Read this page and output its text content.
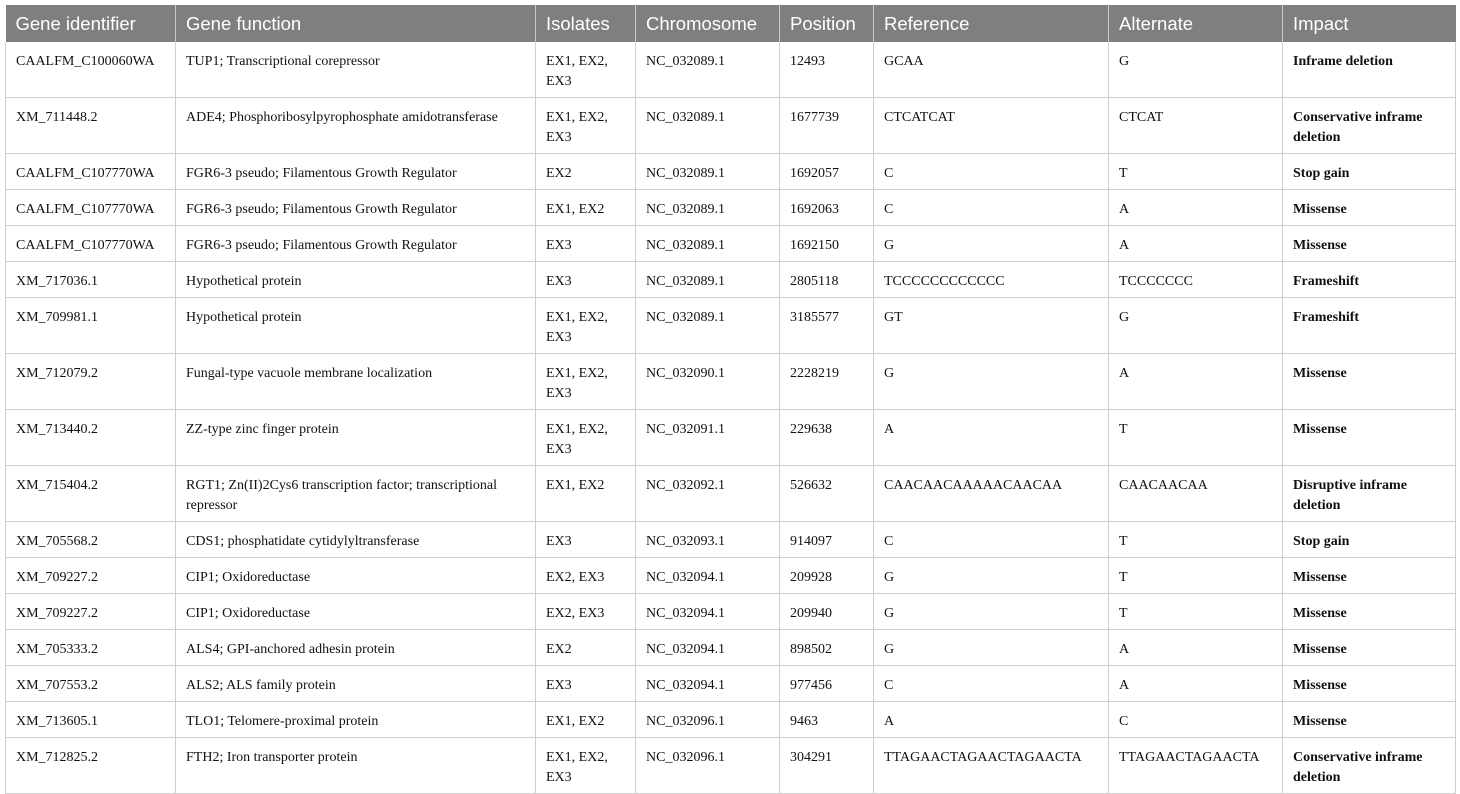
Gene identifier	Gene function	Isolates	Chromosome	Position	Reference	Alternate	Impact
CAALFM_C100060WA	TUP1; Transcriptional corepressor	EX1, EX2, EX3	NC_032089.1	12493	GCAA	G	Inframe deletion
XM_711448.2	ADE4; Phosphoribosylpyrophosphate amidotransferase	EX1, EX2, EX3	NC_032089.1	1677739	CTCATCAT	CTCAT	Conservative inframe deletion
CAALFM_C107770WA	FGR6-3 pseudo; Filamentous Growth Regulator	EX2	NC_032089.1	1692057	C	T	Stop gain
CAALFM_C107770WA	FGR6-3 pseudo; Filamentous Growth Regulator	EX1, EX2	NC_032089.1	1692063	C	A	Missense
CAALFM_C107770WA	FGR6-3 pseudo; Filamentous Growth Regulator	EX3	NC_032089.1	1692150	G	A	Missense
XM_717036.1	Hypothetical protein	EX3	NC_032089.1	2805118	TCCCCCCCCCCCC	TCCCCCCC	Frameshift
XM_709981.1	Hypothetical protein	EX1, EX2, EX3	NC_032089.1	3185577	GT	G	Frameshift
XM_712079.2	Fungal-type vacuole membrane localization	EX1, EX2, EX3	NC_032090.1	2228219	G	A	Missense
XM_713440.2	ZZ-type zinc finger protein	EX1, EX2, EX3	NC_032091.1	229638	A	T	Missense
XM_715404.2	RGT1; Zn(II)2Cys6 transcription factor; transcriptional repressor	EX1, EX2	NC_032092.1	526632	CAACAACAAAAACAACAA	CAACAACAA	Disruptive inframe deletion
XM_705568.2	CDS1; phosphatidate cytidylyltransferase	EX3	NC_032093.1	914097	C	T	Stop gain
XM_709227.2	CIP1; Oxidoreductase	EX2, EX3	NC_032094.1	209928	G	T	Missense
XM_709227.2	CIP1; Oxidoreductase	EX2, EX3	NC_032094.1	209940	G	T	Missense
XM_705333.2	ALS4; GPI-anchored adhesin protein	EX2	NC_032094.1	898502	G	A	Missense
XM_707553.2	ALS2; ALS family protein	EX3	NC_032094.1	977456	C	A	Missense
XM_713605.1	TLO1; Telomere-proximal protein	EX1, EX2	NC_032096.1	9463	A	C	Missense
XM_712825.2	FTH2; Iron transporter protein	EX1, EX2, EX3	NC_032096.1	304291	TTAGAACTAGAACTAGAACTA	TTAGAACTAGAACTA	Conservative inframe deletion
